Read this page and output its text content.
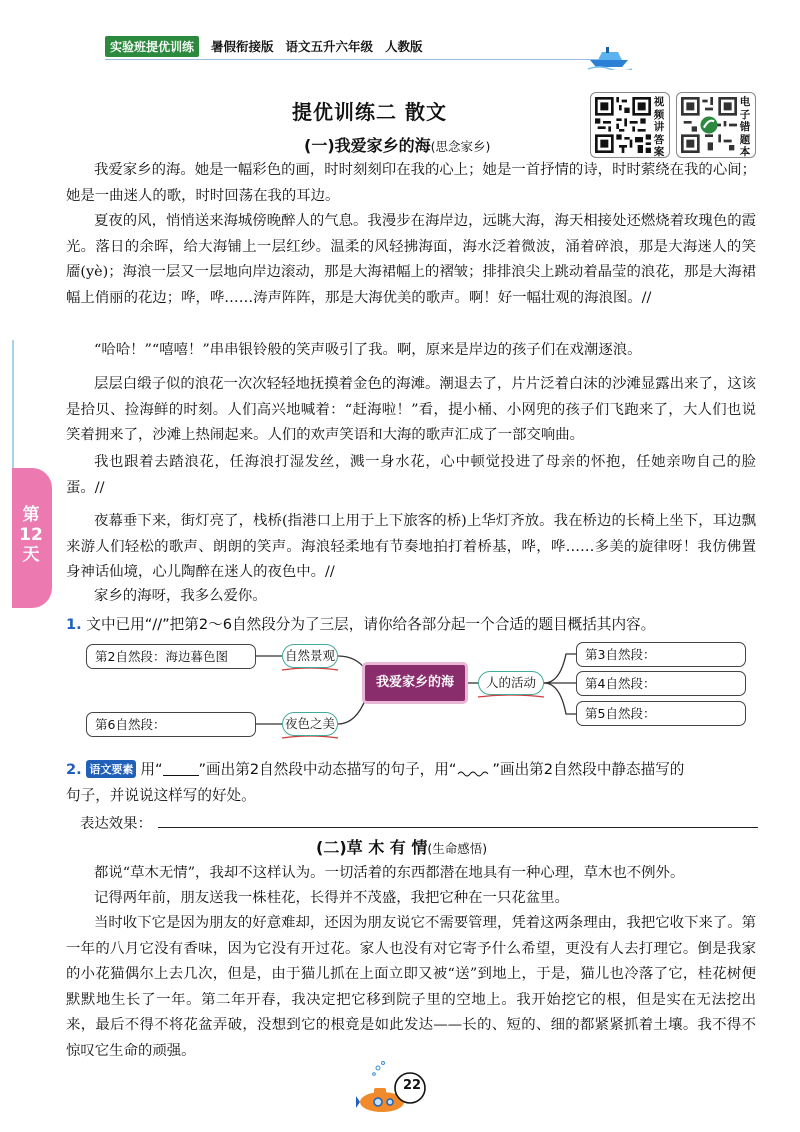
实验班提优训练	暑假衔接版 语文五升六年级 人教版
视频讲答案
电子错题本
提优训练二 散文
(一)我爱家乡的海(思念家乡)

我爱家乡的海。她是一幅彩色的画，时时刻刻印在我的心上；她是一首抒情的诗，时时萦绕在我的心间；她是一曲迷人的歌，时时回荡在我的耳边。

夏夜的风，悄悄送来海城傍晚醉人的气息。我漫步在海岸边，远眺大海，海天相接处还燃烧着玫瑰色的霞光。落日的余晖，给大海铺上一层红纱。温柔的风轻拂海面，海水泛着微波，涌着碎浪，那是大海迷人的笑靥(yè)；海浪一层又一层地向岸边滚动，那是大海裙幅上的褶皱；排排浪尖上跳动着晶莹的浪花，那是大海裙幅上俏丽的花边；哗，哗……涛声阵阵，那是大海优美的歌声。啊！好一幅壮观的海浪图。//

“哈哈！”“嘻嘻！”串串银铃般的笑声吸引了我。啊，原来是岸边的孩子们在戏潮逐浪。

层层白缎子似的浪花一次次轻轻地抚摸着金色的海滩。潮退去了，片片泛着白沫的沙滩显露出来了，这该是拾贝、捡海鲜的时刻。人们高兴地喊着：“赶海啦！”看，提小桶、小网兜的孩子们飞跑来了，大人们也说笑着拥来了，沙滩上热闹起来。人们的欢声笑语和大海的歌声汇成了一部交响曲。

我也跟着去踏浪花，任海浪打湿发丝，溅一身水花，心中顿觉投进了母亲的怀抱，任她亲吻自己的脸蛋。//

夜幕垂下来，街灯亮了，栈桥(指港口上用于上下旅客的桥)上华灯齐放。我在桥边的长椅上坐下，耳边飘来游人们轻松的歌声、朗朗的笑声。海浪轻柔地有节奏地拍打着桥基，哗，哗……多美的旋律呀！我仿佛置身神话仙境，心儿陶醉在迷人的夜色中。//

家乡的海呀，我多么爱你。

第12天
1. 文中已用“//”把第2～6自然段分为了三层，请你给各部分起一个合适的题目概括其内容。
第2自然段：海边暮色图	自然景观
第6自然段：	夜色之美
我爱家乡的海	人的活动
第3自然段：
第4自然段：
第5自然段：
2. 语文要素 用“ ”画出第2自然段中动态描写的句子，用“ ”画出第2自然段中静态描写的
句子，并说说这样写的好处。
表达效果：
(二)草 木 有 情(生命感悟)

都说“草木无情”，我却不这样认为。一切活着的东西都潜在地具有一种心理，草木也不例外。

记得两年前，朋友送我一株桂花，长得并不茂盛，我把它种在一只花盆里。

当时收下它是因为朋友的好意难却，还因为朋友说它不需要管理，凭着这两条理由，我把它收下来了。第一年的八月它没有香味，因为它没有开过花。家人也没有对它寄予什么希望，更没有人去打理它。倒是我家的小花猫偶尔上去几次，但是，由于猫儿抓在上面立即又被“送”到地上，于是，猫儿也冷落了它，桂花树便默默地生长了一年。第二年开春，我决定把它移到院子里的空地上。我开始挖它的根，但是实在无法挖出来，最后不得不将花盆弄破，没想到它的根竟是如此发达——长的、短的、细的都紧紧抓着土壤。我不得不惊叹它生命的顽强。

22
